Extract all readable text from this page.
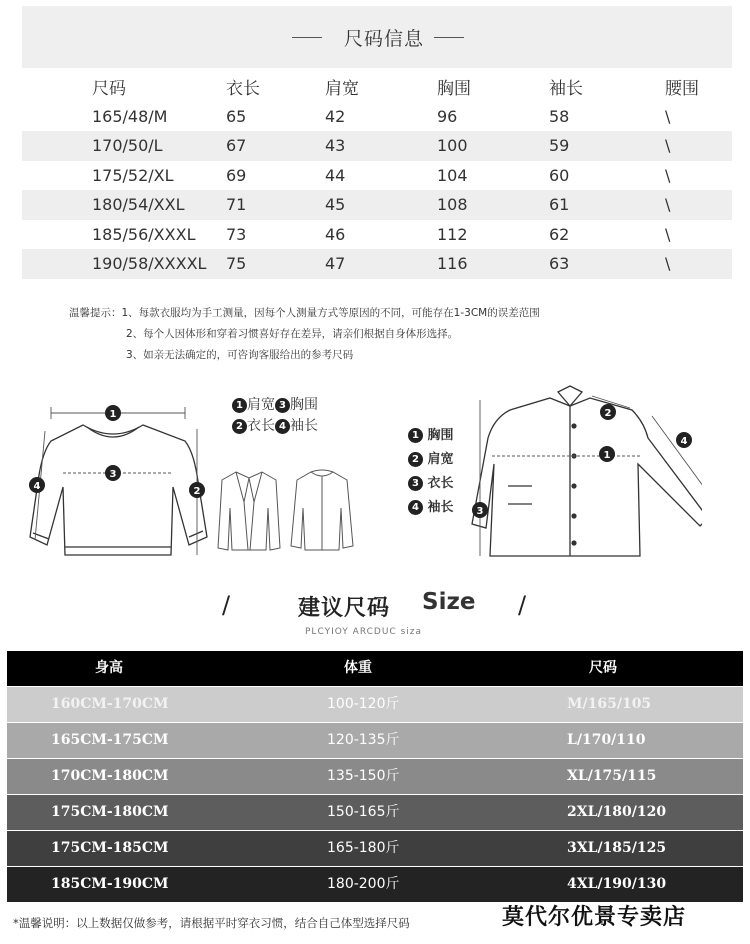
尺码信息
尺码	衣长	肩宽	胸围	袖长	腰围
165/48/M	65	42	96	58	\
170/50/L	67	43	100	59	\
175/52/XL	69	44	104	60	\
180/54/XXL	71	45	108	61	\
185/56/XXXL	73	46	112	62	\
190/58/XXXXL	75	47	116	63	\
温馨提示：1、每款衣服均为手工测量，因每个人测量方式等原因的不同，可能存在1-3CM的误差范围
2、每个人因体形和穿着习惯喜好存在差异，请亲们根据自身体形选择。
3、如亲无法确定的，可咨询客服给出的参考尺码
1
3
2
4
1 肩宽 3 胸围
2 衣长 4 袖长
1
2
3
4
1 胸围
2 肩宽
3 衣长
4 袖长
/	建议尺码 Size /
PLCYIOY ARCDUC siza
身高	体重	尺码
160CM-170CM	100-120斤	M/165/105
165CM-175CM	120-135斤	L/170/110
170CM-180CM	135-150斤	XL/175/115
175CM-180CM	150-165斤	2XL/180/120
175CM-185CM	165-180斤	3XL/185/125
185CM-190CM	180-200斤	4XL/190/130
*温馨说明：以上数据仅做参考，请根据平时穿衣习惯，结合自己体型选择尺码	莫代尔优景专卖店
